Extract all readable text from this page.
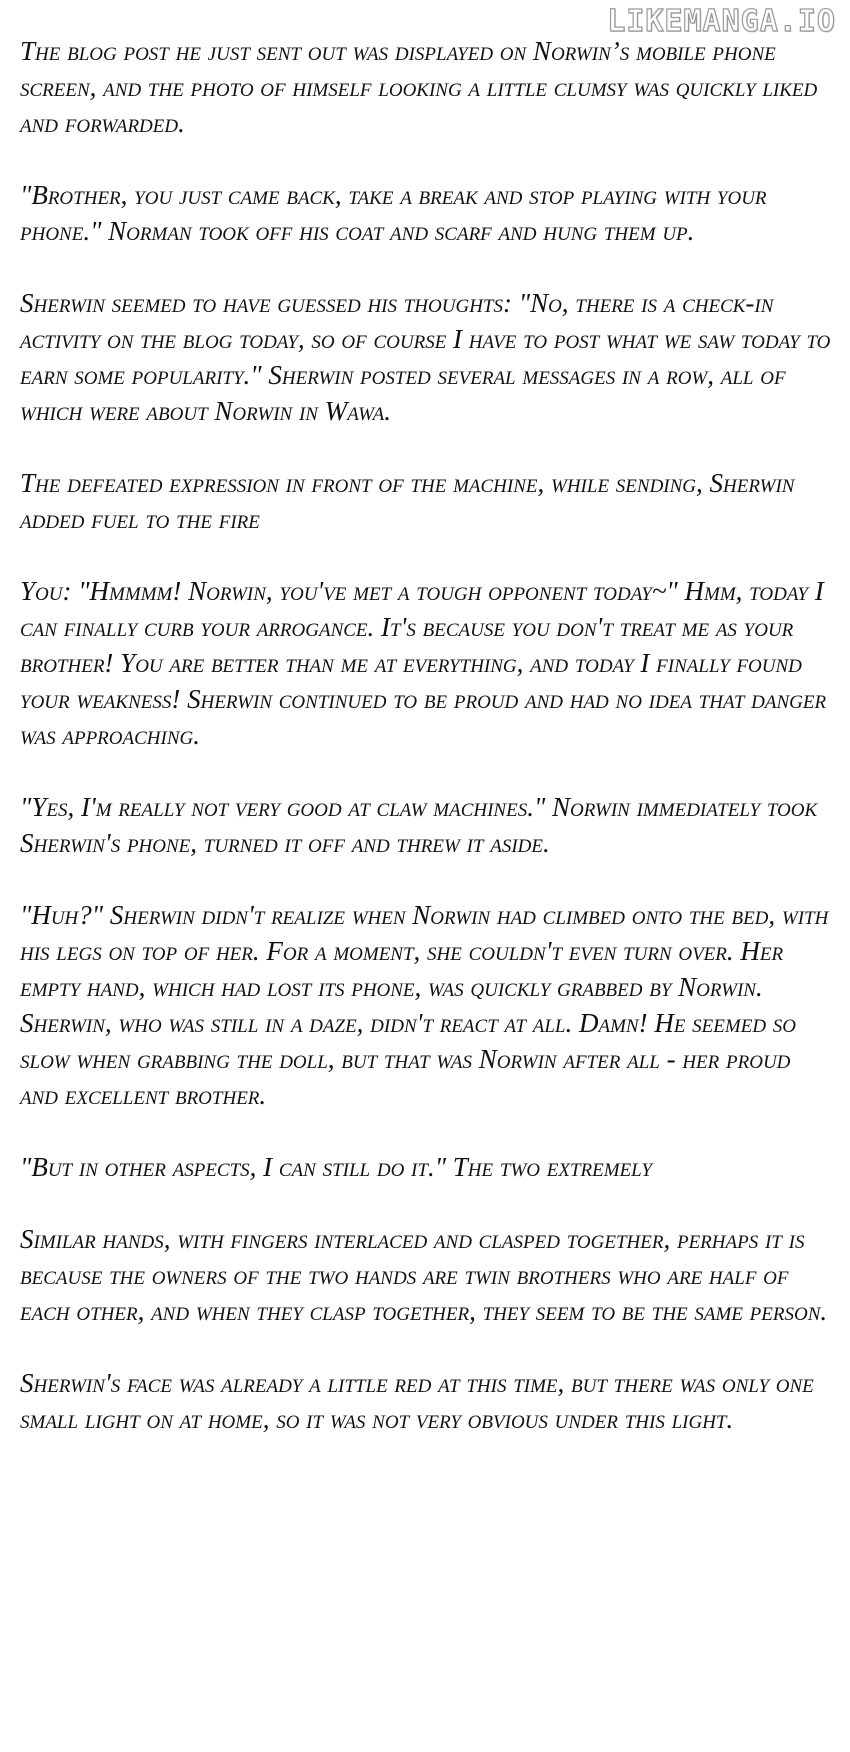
LIKEMANGA.IO

The blog post he just sent out was displayed on Norwin’s mobile phone screen, and the photo of himself looking a little clumsy was quickly liked and forwarded.

"Brother, you just came back, take a break and stop playing with your phone." Norman took off his coat and scarf and hung them up.

Sherwin seemed to have guessed his thoughts: "No, there is a check-in activity on the blog today, so of course I have to post what we saw today to earn some popularity." Sherwin posted several messages in a row, all of which were about Norwin in Wawa.

The defeated expression in front of the machine, while sending, Sherwin added fuel to the fire

You: "Hmmmm! Norwin, you've met a tough opponent today~" Hmm, today I can finally curb your arrogance. It's because you don't treat me as your brother! You are better than me at everything, and today I finally found your weakness! Sherwin continued to be proud and had no idea that danger was approaching.

"Yes, I'm really not very good at claw machines." Norwin immediately took Sherwin's phone, turned it off and threw it aside.

"Huh?" Sherwin didn't realize when Norwin had climbed onto the bed, with his legs on top of her. For a moment, she couldn't even turn over. Her empty hand, which had lost its phone, was quickly grabbed by Norwin. Sherwin, who was still in a daze, didn't react at all. Damn! He seemed so slow when grabbing the doll, but that was Norwin after all - her proud and excellent brother.

"But in other aspects, I can still do it." The two extremely

Similar hands, with fingers interlaced and clasped together, perhaps it is because the owners of the two hands are twin brothers who are half of each other, and when they clasp together, they seem to be the same person.

Sherwin's face was already a little red at this time, but there was only one small light on at home, so it was not very obvious under this light.
